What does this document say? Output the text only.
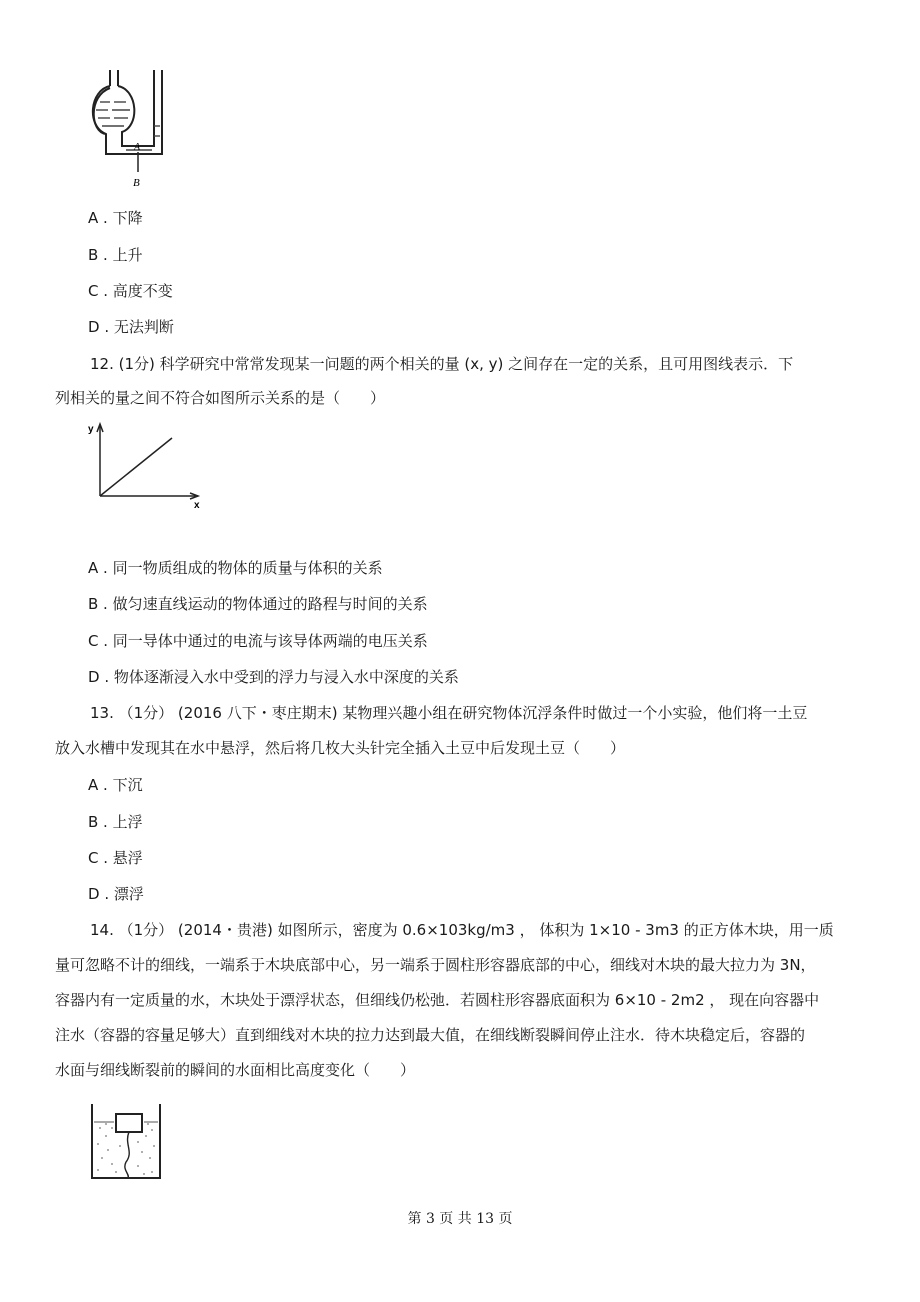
A
B
A . 下降
B . 上升
C . 高度不变
D . 无法判断
12. (1分) 科学研究中常常发现某一问题的两个相关的量 (x, y) 之间存在一定的关系，且可用图线表示．下
列相关的量之间不符合如图所示关系的是（　　）
y
x
A . 同一物质组成的物体的质量与体积的关系
B . 做匀速直线运动的物体通过的路程与时间的关系
C . 同一导体中通过的电流与该导体两端的电压关系
D . 物体逐渐浸入水中受到的浮力与浸入水中深度的关系
13. （1分） (2016 八下・枣庄期末) 某物理兴趣小组在研究物体沉浮条件时做过一个小实验，他们将一土豆
放入水槽中发现其在水中悬浮，然后将几枚大头针完全插入土豆中后发现土豆（　　）
A . 下沉
B . 上浮
C . 悬浮
D . 漂浮
14. （1分） (2014・贵港) 如图所示，密度为 0.6×103kg/m3 ， 体积为 1×10 - 3m3 的正方体木块，用一质
量可忽略不计的细线，一端系于木块底部中心，另一端系于圆柱形容器底部的中心，细线对木块的最大拉力为 3N，
容器内有一定质量的水，木块处于漂浮状态，但细线仍松弛．若圆柱形容器底面积为 6×10 - 2m2 ， 现在向容器中
注水（容器的容量足够大）直到细线对木块的拉力达到最大值，在细线断裂瞬间停止注水．待木块稳定后，容器的
水面与细线断裂前的瞬间的水面相比高度变化（　　）
第 3 页 共 13 页
